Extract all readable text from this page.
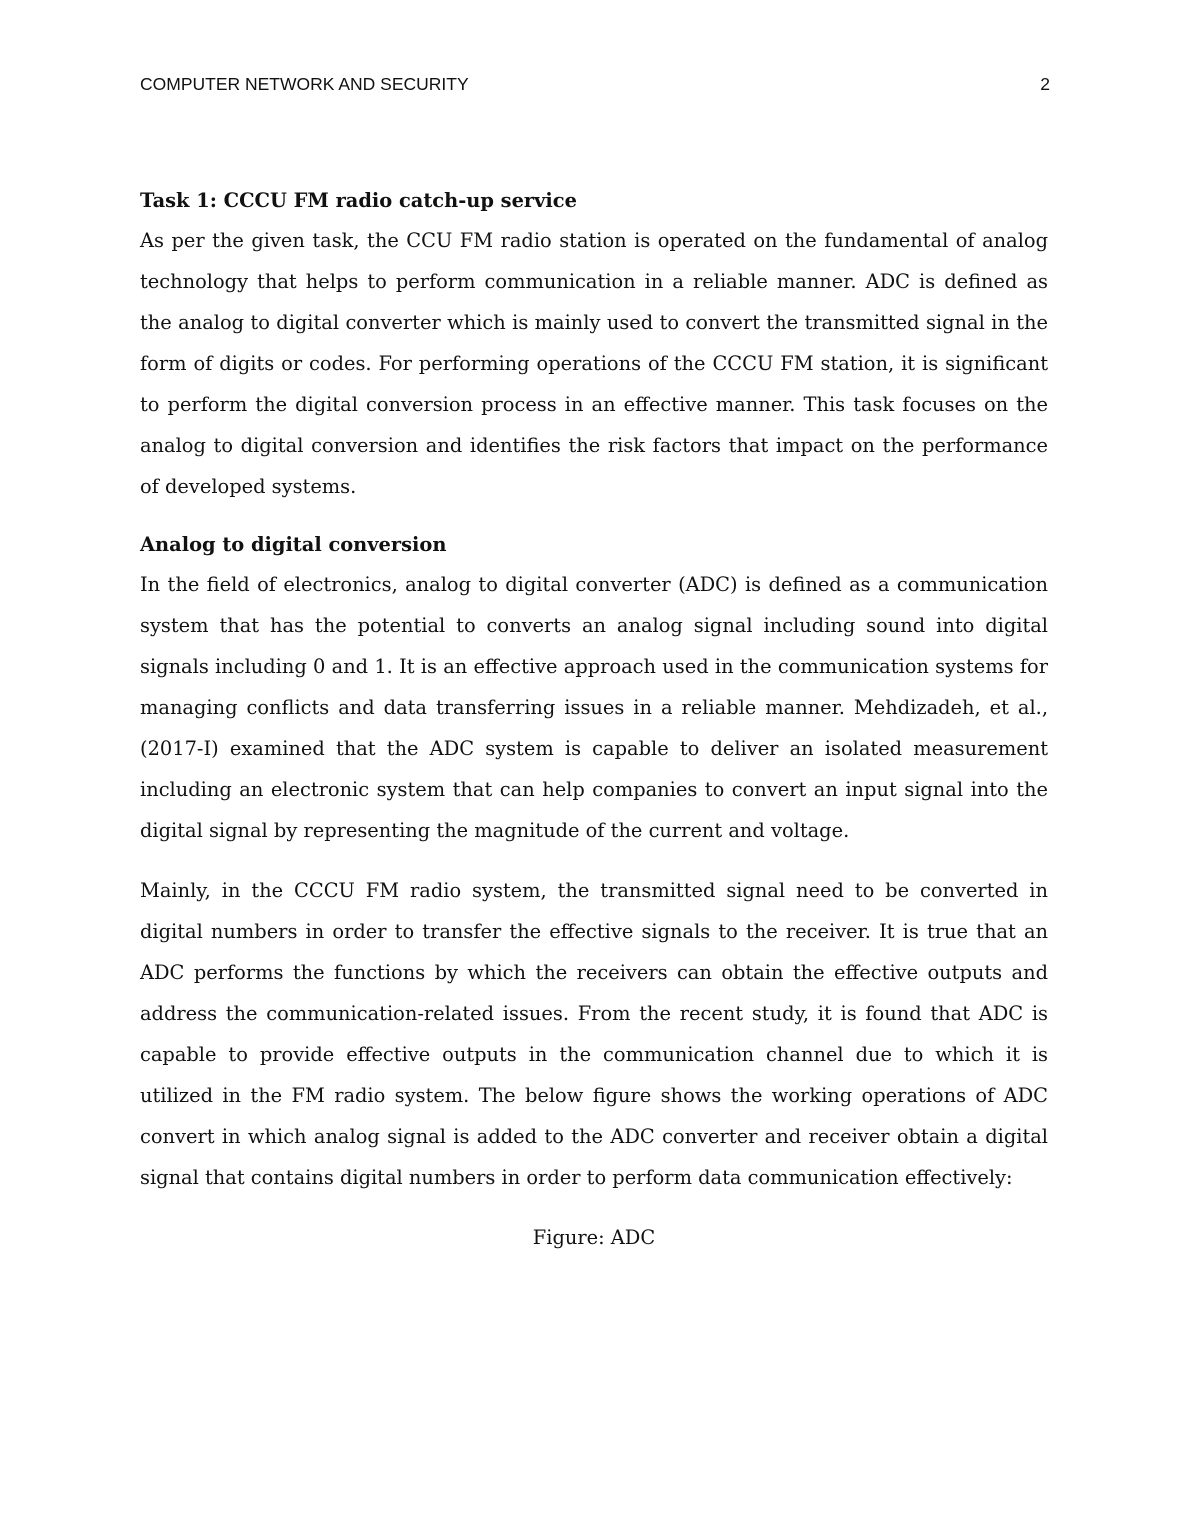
COMPUTER NETWORK AND SECURITY	2
Task 1: CCCU FM radio catch-up service

As per the given task, the CCU FM radio station is operated on the fundamental of analog technology that helps to perform communication in a reliable manner. ADC is defined as the analog to digital converter which is mainly used to convert the transmitted signal in the form of digits or codes. For performing operations of the CCCU FM station, it is significant to perform the digital conversion process in an effective manner. This task focuses on the analog to digital conversion and identifies the risk factors that impact on the performance of developed systems.

Analog to digital conversion

In the field of electronics, analog to digital converter (ADC) is defined as a communication system that has the potential to converts an analog signal including sound into digital signals including 0 and 1. It is an effective approach used in the communication systems for managing conflicts and data transferring issues in a reliable manner. Mehdizadeh, et al., (2017-I) examined that the ADC system is capable to deliver an isolated measurement including an electronic system that can help companies to convert an input signal into the digital signal by representing the magnitude of the current and voltage.

Mainly, in the CCCU FM radio system, the transmitted signal need to be converted in digital numbers in order to transfer the effective signals to the receiver. It is true that an ADC performs the functions by which the receivers can obtain the effective outputs and address the communication-related issues. From the recent study, it is found that ADC is capable to provide effective outputs in the communication channel due to which it is utilized in the FM radio system. The below figure shows the working operations of ADC convert in which analog signal is added to the ADC converter and receiver obtain a digital signal that contains digital numbers in order to perform data communication effectively:

Figure: ADC
